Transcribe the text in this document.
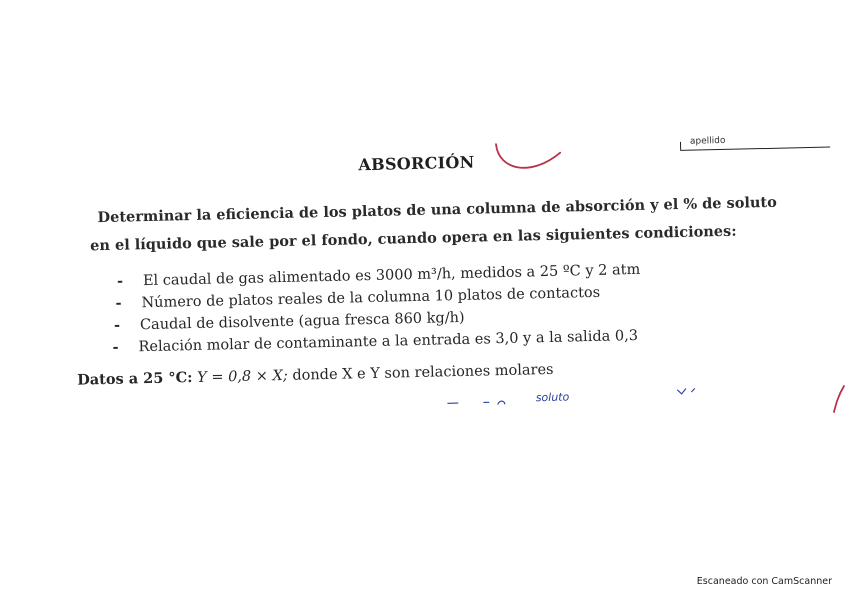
apellido
ABSORCIÓN
Determinar la eficiencia de los platos de una columna de absorción y el % de soluto
en el líquido que sale por el fondo, cuando opera en las siguientes condiciones:
- El caudal de gas alimentado es 3000 m³/h, medidos a 25 ºC y 2 atm
- Número de platos reales de la columna 10 platos de contactos
- Caudal de disolvente (agua fresca 860 kg/h)
- Relación molar de contaminante a la entrada es 3,0 y a la salida 0,3
Datos a 25 °C: Y = 0,8 × X; donde X e Y son relaciones molares
soluto
Escaneado con CamScanner
